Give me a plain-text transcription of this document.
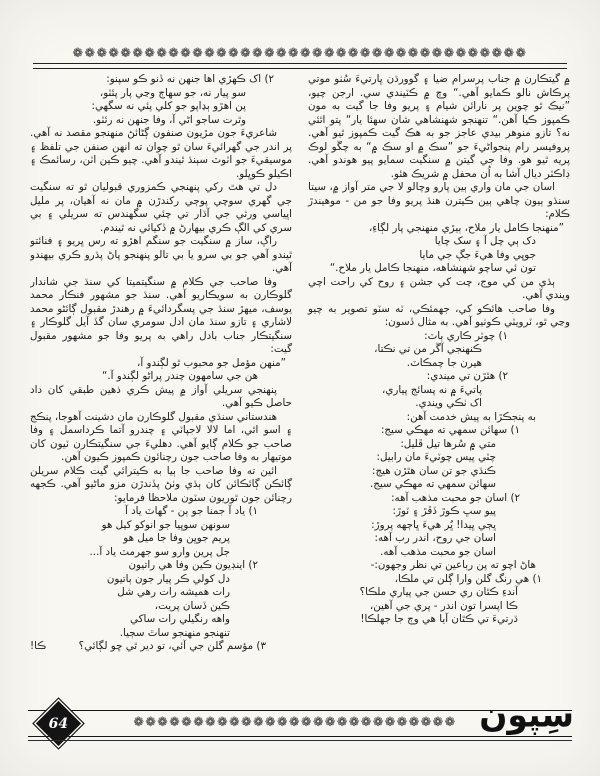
❁❁❁❁❁❁❁❁❁❁❁❁❁❁❁❁❁❁❁❁❁❁❁❁❁❁❁❁❁❁❁❁❁❁❁❁❁❁

۾ گيتڪارن ۾ جناب پرسرام ضيا ۽ گوورڌن ڀارتيءَ سُٺو موتي پرڪاش نالو ڪمايو آهي.“ وچ ۾ ڪٽيندي سي. ارجن چيو، ”نيڪ ٿو چوين پر نارائن شيام ۽ پريو وفا جا گيت به مون ڪمپوز ڪيا آهن.“ تنهنجو شهنشاهي شان سهئا يار“ پتو اٿئي نه؟ تازو منوهر بيدي عاجز جو به هڪ گيت ڪمپوز ٿيو آهي. پروفيسر رام پنجواڻيءَ جو ”سڪ ۾ او سڪ ۾“ به چڱو لوڪ پريه ٿيو هو. وفا جي گيتن ۾ سنگيت سمايو پيو هوندو آهي. ڊاڪٽر ديال آشا به اُن محفل ۾ شريڪ هئو.

اسان جي مان واري ٻين پارو وچالو لا جي متر آواز ۾، سيتا سنڌو ٻيون چاهي ٻين ڪيترن هنڌ پريو وفا جو من - موهيندڙ ڪلام:

”منهنجا ڪامل يار ملاح، ٻيڙي منهنجي پار لڳاءِ،
دک ٻي چل آ ۽ سک چايا
جوڀي وفا هيءَ جڳ جي مايا
تون ئي ساچو شهنشاهه، منهنجا ڪامل يار ملاح.“

ٻڌي من کي موج، چت کي جشن ۽ روح کي راحت اچي ويندي آهي.

وفا صاحب هائڪو کي، جهمئڪي، ٽه سٽو تصوير به چيو وڃي ٿو، ٽرويٽي ڪوٺيو آهي. به مثال ڏسون:

١) چوٽر ڪاري ٻاٽ:
ڪنهنجي آڱر من تي نڪتا،
هيرن جا چمڪاٽ.
٢) هٿڙن تي ميندي:
پاتيءَ ۾ نه پسائج پياري،
اک ٺڪي ويندي.
به پنجڪڙا به پيش خدمت آهن:
١) سهائن سمهي ته مهڪي سيج:
متي ۾ سُرها تيل ڦليل:
چٽي پيس چوٽيءَ مان رابيل:
ڪنڌي جو تن سان هٿڙن هيڄ:
سهائن سمهي ته مهڪي سيج.
٢) اسان جو محبت مذهب آهه:
پيو سڀ ڪوڙ ڏڦڙ ۽ ٽوڙ:
ڀڄي ڀيدا! ڀُر هيءَ ڀاڄهه پروڙ:
اسان جي روح، اندر رب آهه:
اسان جو محبت مذهب آهه.
هاڻ اچو ته پن رباعين تي نظر وجهون:-
١) هي رنگ گلن وارا ڳلن تي ملڪا،
آندءِ ڪٿان ري حسن جي پياري ملڪا؟
ڪا اپسرا تون اندر - پري جي آهين،
ڌرتيءَ تي ڪٿان آيا هي وڄ جا جهلڪا!
٢) اک ڪهڙي اها جنهن نه ڏنو ڪو سپنو:
سو پيار نه، جو سهاڄ وڃي پار پئٽو،
پن اهڙو ٻڍاپو جو کلي پئي نه سگهي:
وٿرت ساجو اڻي آ، وفا جنهن نه رئٽو.

شاعريءَ جون مڙيون صنفون ڳڻائڻ منهنجو مقصد نه آهي. پر اندر جي گهرائيءَ سان ٿو چوان ته انهن صنفن جي تلفظ ۽ موسيقيءَ جو اٽوٽ سٻنڌ ٿيندو آهي. چيو ڪين اٽن، رسائمڪ ۽ اڪيلو ڪوڀلو.

دل تي هٿ رکي پنهنجي ڪمزوري قبوليان ٿو ته سنگيت جي گهري سوچي پوڄي رکندڙن ۾ مان نه آهيان، پر مليل اڀياسي ورثي جي آڌار تي چئي سگهندس ته سريلي ۽ بي سري کي الڳ ڪري بيهارڻ ۾ ڏکيائي نه ٿيندم.

راڳ، ساز ۾ سنگيت جو سنگم اهڙو ته رس ڀريو ۽ فنائتو ٿيندو آهي جو بي سرو يا بي تالو پنهنجو پاڻ پڌرو ڪري بيهندو آهي.

وفا صاحب جي ڪلام ۾ سنگيتميتا کي سنڌ جي شاندار گلوڪارن به سويڪاريو آهي. سنڌ جو مشهور فنڪار محمد يوسف، ميهڙ سنڌ جي پسگردائيءَ ۾ رهندڙ مقبول ڳائڻو محمد لاشاري ۽ تازو سنڌ مان ادل سومري سان گڏ آيل گلوڪار ۽ سنگيتڪار جناب بادل راهي به پريو وفا جو مشهور مقبول گيت:

”منهن مؤمل جو محبوب ٿو لڳندو آ،
هن جي سامهون چندر پراڻو لڳندو آ.“

پنهنجي سريلي آواز ۾ پيش ڪري ذهين طبقي کان داد حاصل ڪيو آهي.

هندستاني سنڌي مقبول گلوڪارن مان دشينت آهوجا، پنڪج ۽ اسو اٿي، اما لالا لاجپاٽي ۽ چندرو آتما ڪرداسمل ۽ وفا صاحب جو ڪلام ڳايو آهي. دهليءَ جي سنگيتڪارن ٽيون کان موتيهار به وفا صاحب جون رچنائون ڪمپوز ڪيون آهن.

ائين ته وفا صاحب جا ٻيا به ڪيترائي گيت ڪلام سريلن ڳائڪن ڳائڪائن کان ٻڌي وٺڻ پڏندڙن مزو ماڻيو آهي. ڪجهه رچنائن جون ٿوريون سٽون ملاحظا فرمايو:

١) ياد آ جمنا جو ٻن - گهاٽ ياد آ
سونهن سوڀيا جو انوکو کيل هو
پريم جوڀن وفا جا ميل هو
جل پرين وارو سو جهرمٽ ياد آ...
٢) اينڊيون ڪين وفا هي راتيون
دل کولي ڪر پيار جون ٻاتيون
رات هميشه رات رهي شل
ڪين ڏسان پريت،
واهه رنگيلي رات ساکي
تنهنجو منهنجو ساٿ سڄيا.
٣) مؤسم گلن جي آئي، تو دير ٿي ڇو لڳائي؟
ڪا!
64	❁❁❁❁❁❁❁❁❁❁❁❁❁❁❁❁❁❁❁❁❁❁❁❁❁❁❁ سِپون
